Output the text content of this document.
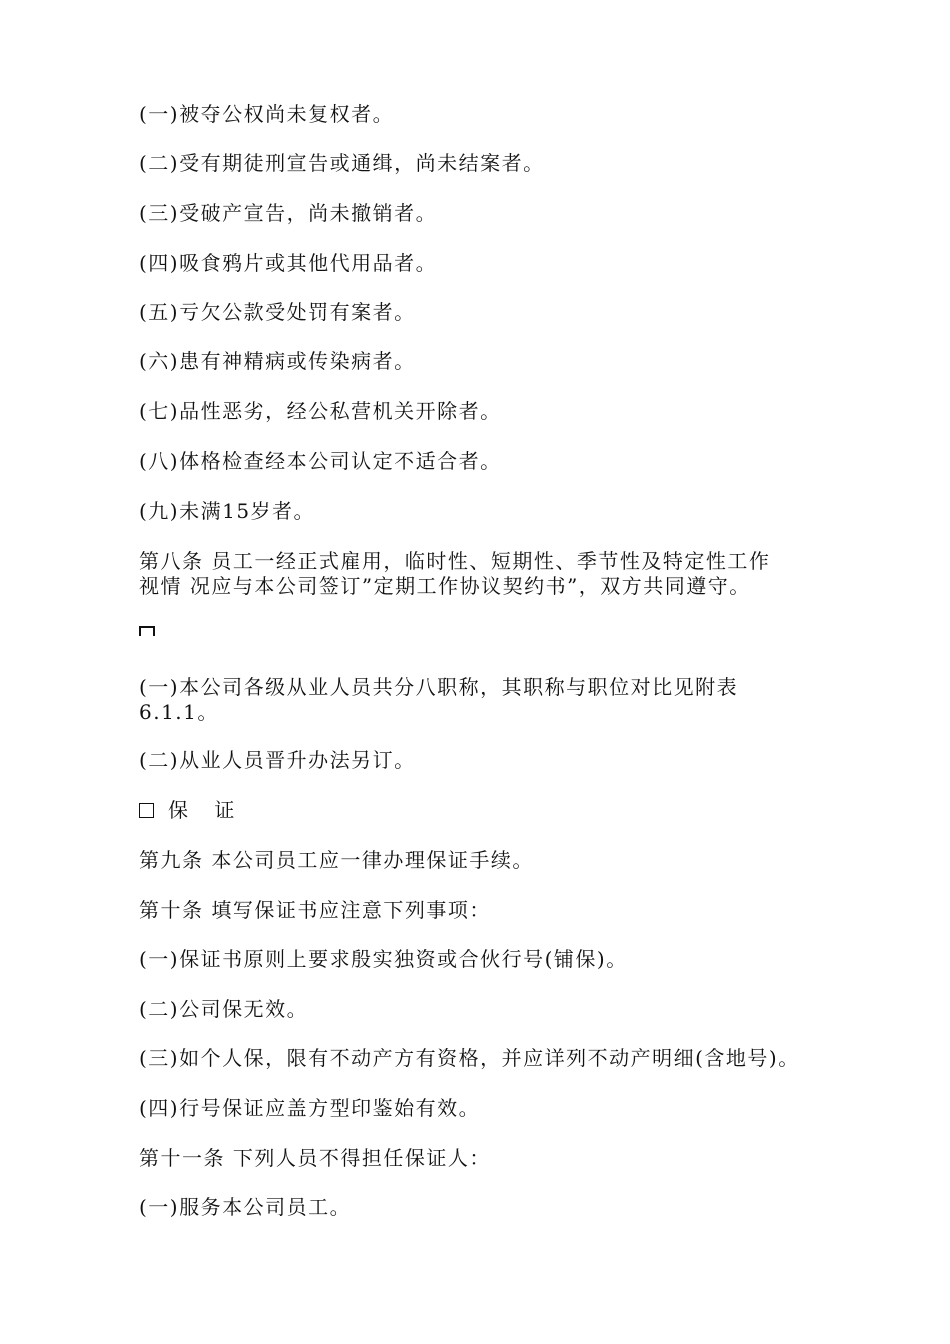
(一)被夺公权尚未复权者。
(二)受有期徒刑宣告或通缉，尚未结案者。
(三)受破产宣告，尚未撤销者。
(四)吸食鸦片或其他代用品者。
(五)亏欠公款受处罚有案者。
(六)患有神精病或传染病者。
(七)品性恶劣，经公私营机关开除者。
(八)体格检查经本公司认定不适合者。
(九)未满15岁者。
第八条 员工一经正式雇用，临时性、短期性、季节性及特定性工作
视情 况应与本公司签订”定期工作协议契约书”，双方共同遵守。
(一)本公司各级从业人员共分八职称，其职称与职位对比见附表
6.1.1。
(二)从业人员晋升办法另订。
保 证
第九条 本公司员工应一律办理保证手续。
第十条 填写保证书应注意下列事项：
(一)保证书原则上要求殷实独资或合伙行号(铺保)。
(二)公司保无效。
(三)如个人保，限有不动产方有资格，并应详列不动产明细(含地号)。
(四)行号保证应盖方型印鉴始有效。
第十一条 下列人员不得担任保证人：
(一)服务本公司员工。
